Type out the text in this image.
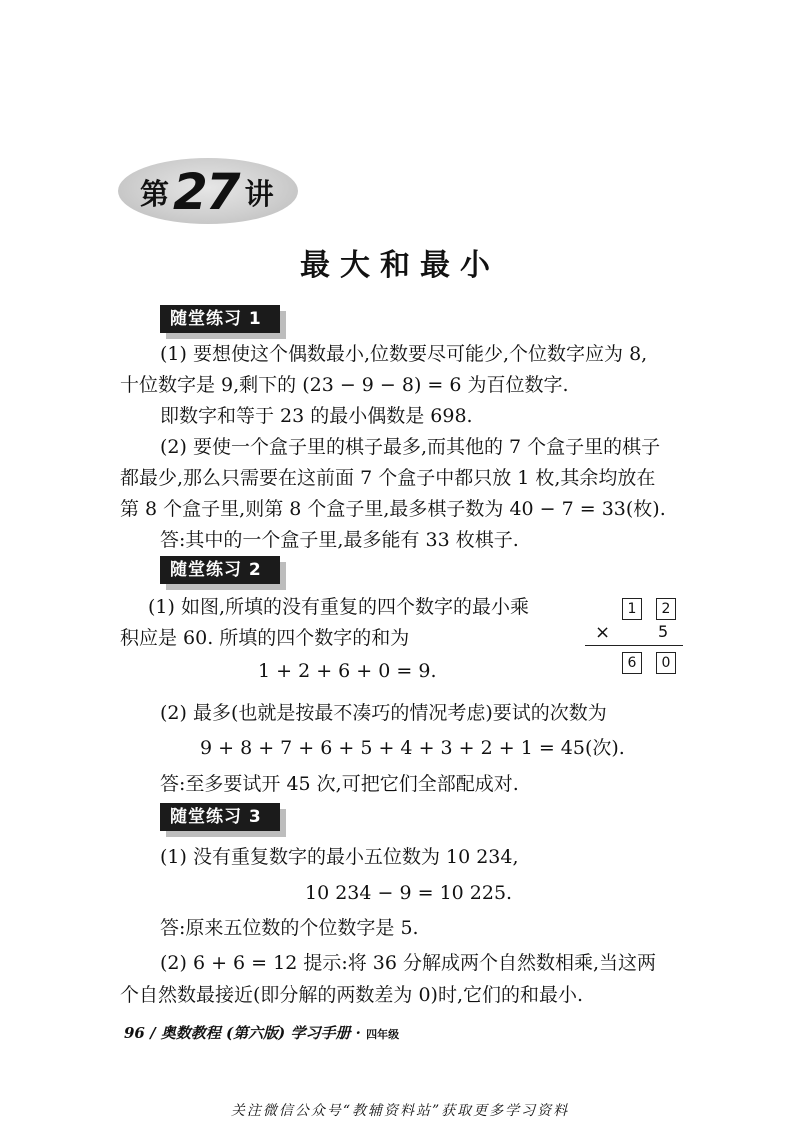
第 27 讲
最大和最小
随堂练习 1
(1) 要想使这个偶数最小,位数要尽可能少,个位数字应为 8,
十位数字是 9,剩下的 (23 − 9 − 8) = 6 为百位数字.
即数字和等于 23 的最小偶数是 698.
(2) 要使一个盒子里的棋子最多,而其他的 7 个盒子里的棋子
都最少,那么只需要在这前面 7 个盒子中都只放 1 枚,其余均放在
第 8 个盒子里,则第 8 个盒子里,最多棋子数为 40 − 7 = 33(枚).
答:其中的一个盒子里,最多能有 33 枚棋子.
随堂练习 2
(1) 如图,所填的没有重复的四个数字的最小乘
积应是 60. 所填的四个数字的和为
1 + 2 + 6 + 0 = 9.
1	2
×	5
6	0
(2) 最多(也就是按最不凑巧的情况考虑)要试的次数为
9 + 8 + 7 + 6 + 5 + 4 + 3 + 2 + 1 = 45(次).
答:至多要试开 45 次,可把它们全部配成对.
随堂练习 3
(1) 没有重复数字的最小五位数为 10 234,
10 234 − 9 = 10 225.
答:原来五位数的个位数字是 5.
(2) 6 + 6 = 12 提示:将 36 分解成两个自然数相乘,当这两
个自然数最接近(即分解的两数差为 0)时,它们的和最小.
96 / 奥数教程 (第六版) 学习手册 · 四年级
关注微信公众号“教辅资料站”获取更多学习资料
